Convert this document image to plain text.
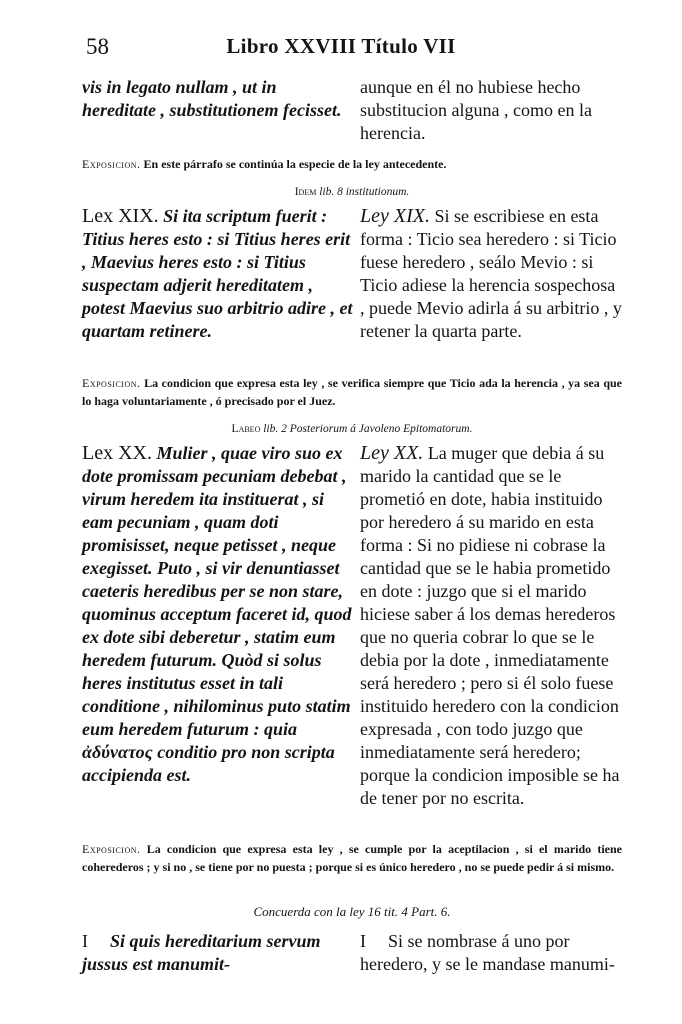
58	Libro XXVIII Título VII
vis in legato nullam , ut in hereditate , substitutionem fecisset.
aunque en él no hubiese hecho substitucion alguna , como en la herencia.
Exposicion. En este párrafo se continúa la especie de la ley antecedente.
Idem lib. 8 institutionum.
Lex XIX. Si ita scriptum fuerit : Titius heres esto : si Titius heres erit , Maevius heres esto : si Titius suspectam adjerit hereditatem , potest Maevius suo arbitrio adire , et quartam retinere.
Ley XIX. Si se escribiese en esta forma : Ticio sea heredero : si Ticio fuese heredero , seálo Mevio : si Ticio adiese la herencia sospechosa , puede Mevio adirla á su arbitrio , y retener la quarta parte.
Exposicion. La condicion que expresa esta ley , se verifica siempre que Ticio ada la herencia , ya sea que lo haga voluntariamente , ó precisado por el Juez.
Labeo lib. 2 Posteriorum á Javoleno Epitomatorum.
Lex XX. Mulier , quae viro suo ex dote promissam pecuniam debebat , virum heredem ita instituerat , si eam pecuniam , quam doti promisisset, neque petisset , neque exegisset. Puto , si vir denuntiasset caeteris heredibus per se non stare, quominus acceptum faceret id, quod ex dote sibi deberetur , statim eum heredem futurum. Quòd si solus heres institutus esset in tali conditione , nihilominus puto statim eum heredem futurum : quia ἀδύνατος conditio pro non scripta accipienda est.
Ley XX. La muger que debia á su marido la cantidad que se le prometió en dote, habia instituido por heredero á su marido en esta forma : Si no pidiese ni cobrase la cantidad que se le habia prometido en dote : juzgo que si el marido hiciese saber á los demas herederos que no queria cobrar lo que se le debia por la dote , inmediatamente será heredero ; pero si él solo fuese instituido heredero con la condicion expresada , con todo juzgo que inmediatamente será heredero; porque la condicion imposible se ha de tener por no escrita.
Exposicion. La condicion que expresa esta ley , se cumple por la aceptilacion , si el marido tiene coherederos ; y si no , se tiene por no puesta ; porque si es único heredero , no se puede pedir á si mismo.
Concuerda con la ley 16 tit. 4 Part. 6.
I Si quis hereditarium servum jussus est manumit-
I Si se nombrase á uno por heredero, y se le mandase manumi-
